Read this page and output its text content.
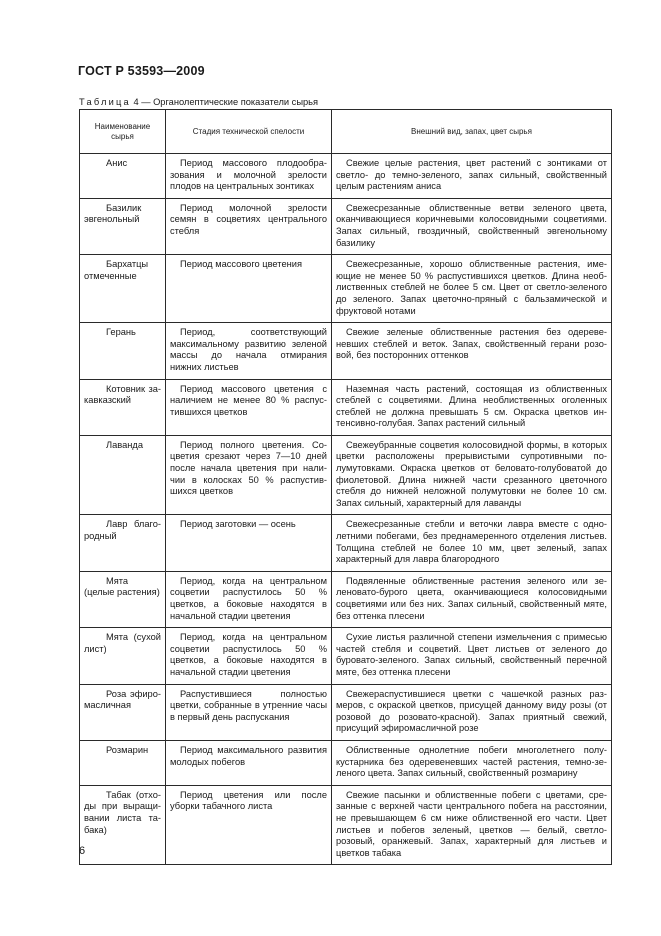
ГОСТ Р 53593—2009
Таблица 4 — Органолептические показатели сырья
Наименование сырья	Стадия технической спелости	Внешний вид, запах, цвет сырья
Анис	Период массового плодообразования и молочной зрелости плодов на центральных зонтиках	Свежие целые растения, цвет растений с зонтиками от светло- до темно-зеленого, запах сильный, свойственный целым растениям аниса
Базилик эвгенольный	Период молочной зрелости семян в соцветиях центрального стебля	Свежесрезанные облиственные ветви зеленого цвета, оканчивающиеся коричневыми колосовидными соцветиями. Запах сильный, гвоздичный, свойственный эвгенольному базилику
Бархатцы отмеченные	Период массового цветения	Свежесрезанные, хорошо облиственные растения, имеющие не менее 50 % распустившихся цветков. Длина необлиственных стеблей не более 5 см. Цвет от светло-зеленого до зеленого. Запах цветочно-пряный с бальзамической и фруктовой нотами
Герань	Период, соответствующий максимальному развитию зеленой массы до начала отмирания нижних листьев	Свежие зеленые облиственные растения без одеревеневших стеблей и веток. Запах, свойственный герани розовой, без посторонних оттенков
Котовник закавказский	Период массового цветения с наличием не менее 80 % распустившихся цветков	Наземная часть растений, состоящая из облиственных стеблей с соцветиями. Длина необлиственных оголенных стеблей не должна превышать 5 см. Окраска цветков интенсивно-голубая. Запах растений сильный
Лаванда	Период полного цветения. Соцветия срезают через 7—10 дней после начала цветения при наличии в колосках 50 % распустившихся цветков	Свежеубранные соцветия колосовидной формы, в которых цветки расположены прерывистыми супротивными полумутовками. Окраска цветков от беловато-голубоватой до фиолетовой. Длина нижней части срезанного цветочного стебля до нижней неложной полумутовки не более 10 см. Запах сильный, характерный для лаванды
Лавр благородный	Период заготовки — осень	Свежесрезанные стебли и веточки лавра вместе с однолетними побегами, без преднамеренного отделения листьев. Толщина стеблей не более 10 мм, цвет зеленый, запах характерный для лавра благородного
Мята (целые растения)	Период, когда на центральном соцветии распустилось 50 % цветков, а боковые находятся в начальной стадии цветения	Подвяленные облиственные растения зеленого или зеленовато-бурого цвета, оканчивающиеся колосовидными соцветиями или без них. Запах сильный, свойственный мяте, без оттенка плесени
Мята (сухой лист)	Период, когда на центральном соцветии распустилось 50 % цветков, а боковые находятся в начальной стадии цветения	Сухие листья различной степени измельчения с примесью частей стебля и соцветий. Цвет листьев от зеленого до буровато-зеленого. Запах сильный, свойственный перечной мяте, без оттенка плесени
Роза эфиромасличная	Распустившиеся полностью цветки, собранные в утренние часы в первый день распускания	Свежераспустившиеся цветки с чашечкой разных размеров, с окраской цветков, присущей данному виду розы (от розовой до розовато-красной). Запах приятный свежий, присущий эфиромасличной розе
Розмарин	Период максимального развития молодых побегов	Облиственные однолетние побеги многолетнего полукустарника без одеревеневших частей растения, темно-зеленого цвета. Запах сильный, свойственный розмарину
Табак (отходы при выращивании листа табака)	Период цветения или после уборки табачного листа	Свежие пасынки и облиственные побеги с цветами, срезанные с верхней части центрального побега на расстоянии, не превышающем 6 см ниже облиственной его части. Цвет листьев и побегов зеленый, цветков — белый, светло-розовый, оранжевый. Запах, характерный для листьев и цветков табака
6
